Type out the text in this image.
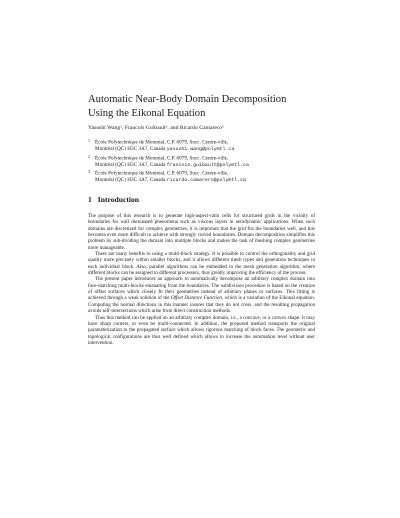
Automatic Near-Body Domain Decomposition
Using the Eikonal Equation
Yasushi Wang¹, Francois Guibault², and Ricardo Camarero³
1 École Polytechnique de Montréal, C.P. 6079, Succ. Centre-ville,
Montréal (QC) H3C 3A7, Canada yasushi.wang@polymtl.ca
2 École Polytechnique de Montréal, C.P. 6079, Succ. Centre-ville,
Montréal (QC) H3C 3A7, Canada francois.guibault@polymtl.ca
3 École Polytechnique de Montréal, C.P. 6079, Succ. Centre-ville,
Montréal (QC) H3C 3A7, Canada ricardo.camarero@polymtl.ca
1 Introduction

The purpose of this research is to generate high-aspect-ratio cells for structured grids in the vicinity of boundaries for wall dominated phenomena such as viscous layers in aerodynamic applications. When such domains are discretized for complex geometries, it is important that the grid fits the boundaries well, and this becomes even more difficult to achieve with strongly curved boundaries. Domain decomposition simplifies this problem by sub-dividing the domain into multiple blocks and makes the task of meshing complex geometries more manageable.

There are many benefits to using a multi-block strategy. It is possible to control the orthogonality and grid quality more precisely within smaller blocks, and it allows different mesh types and generation techniques in each individual block. Also, parallel algorithms can be embedded in the mesh generation algorithm, where different blocks can be assigned to different processors, thus greatly improving the efficiency of the process.

The present paper introduces an approach to automatically decompose an arbitrary complex domain into face-matching multi-blocks emanating from the boundaries. The subdivision procedure is based on the creation of offset surfaces which closely fit their geometries instead of arbitrary planes or surfaces. This fitting is achieved through a weak solution of the Offset Distance Function, which is a variation of the Eikonal equation. Computing the normal directions in this manner insures that they do not cross, and the resulting propagation avoids self-intersections which arise from direct construction methods.

Thus this method can be applied on an arbitrary complex domain, i.e., a concave, or a convex shape. It may have sharp corners, or even be multi-connected. In addition, the proposed method transports the original parameterization to the propagated surface which allows rigorous matching of block faces. The geometric and topological configurations are thus well defined which allows to increase the automation level without user intervention.
